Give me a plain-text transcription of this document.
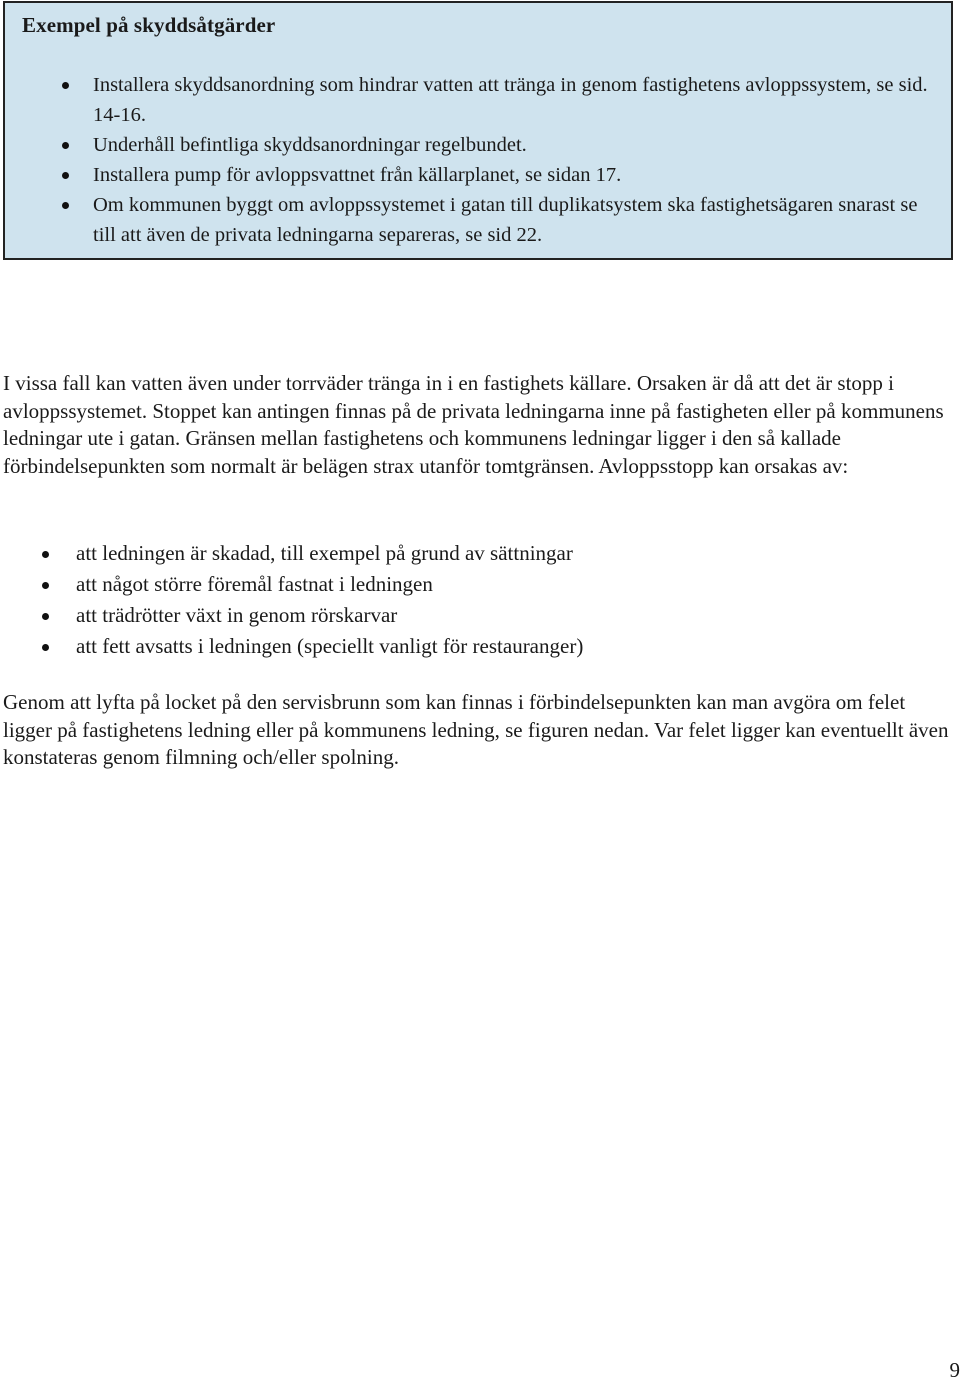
Exempel på skyddsåtgärder
Installera skyddsanordning som hindrar vatten att tränga in genom fastighetens avloppssystem, se sid. 14-16.
Underhåll befintliga skyddsanordningar regelbundet.
Installera pump för avloppsvattnet från källarplanet, se sidan 17.
Om kommunen byggt om avloppssystemet i gatan till duplikatsystem ska fastighetsägaren snarast se till att även de privata ledningarna separeras, se sid 22.

I vissa fall kan vatten även under torrväder tränga in i en fastighets källare. Orsaken är då att det är stopp i avloppssystemet. Stoppet kan antingen finnas på de privata ledningarna inne på fastigheten eller på kommunens ledningar ute i gatan. Gränsen mellan fastighetens och kommunens ledningar ligger i den så kallade förbindelsepunkten som normalt är belägen strax utanför tomtgränsen. Avloppsstopp kan orsakas av:

att ledningen är skadad, till exempel på grund av sättningar
att något större föremål fastnat i ledningen
att trädrötter växt in genom rörskarvar
att fett avsatts i ledningen (speciellt vanligt för restauranger)

Genom att lyfta på locket på den servisbrunn som kan finnas i förbindelsepunkten kan man avgöra om felet ligger på fastighetens ledning eller på kommunens ledning, se figuren nedan. Var felet ligger kan eventuellt även konstateras genom filmning och/eller spolning.

9
